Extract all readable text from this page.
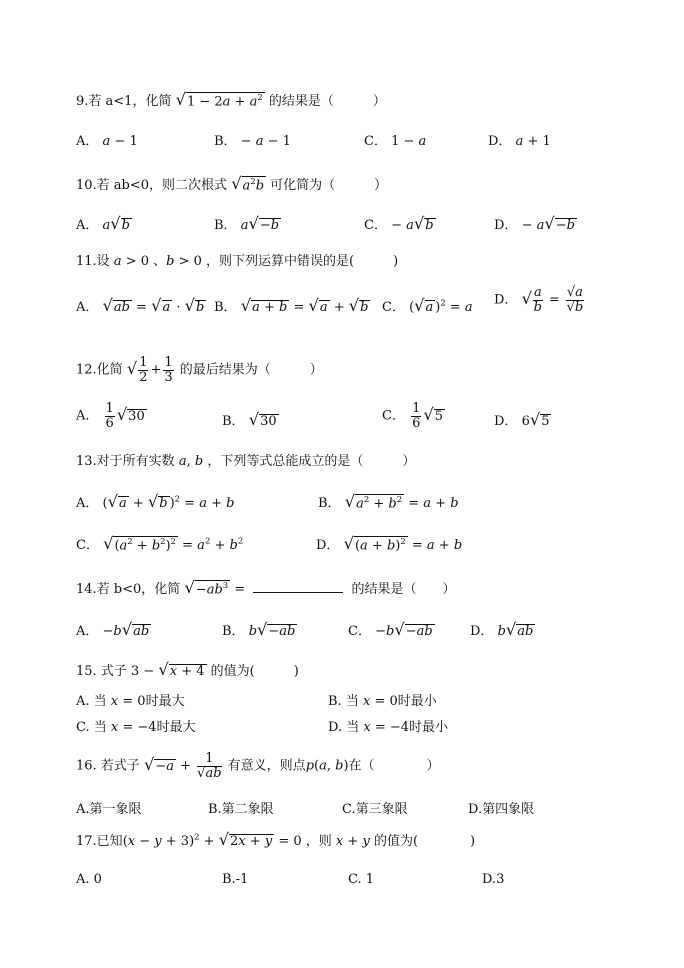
9.若 a<1，化简 $√1 - 2a + a^2$ 的结果是（　　　）
A． a − 1	B． − a − 1	C． 1 − a	D． a + 1
10.若 ab<0，则二次根式 $√a^2b$ 可化简为（　　　）
A． a√b	B． a√−b	C． − a√b	D． − a√−b
11.设 a > 0 、b > 0 ，则下列运算中错误的是(　　　)
A． √ab = √a · √b B． √a + b = √a + √b C． (√a )$^2$ = a D． √ $\frac{a}{b} = \frac{√a}{√b}$
12.化简 √ $\frac{1}{2} + \frac{1}{3}$ 的最后结果为（　　　）
A． $\frac{1}{6} √30$	B． √30	C． $\frac{1}{6} √5$	D． 6√5
13.对于所有实数 a, b ，下列等式总能成立的是（　　　）
A． (√a + √b )$^2$ = a + b	B． $√a^2 + b^2 = a + b$
C． $√(a^2 + b^2)^2 = a^2 + b^2$	D． $√(a + b)^2 = a + b$
14.若 b<0，化简 $√-ab^3$ =	的结果是（　　）
A． −b√ab	B． b√−ab	C． −b√−ab	D． b√ab
15. 式子 3 − √x + 4 的值为(　　　)
A. 当 x = 0时最大	B. 当 x = 0时最小
C. 当 x = −4时最大	D. 当 x = −4时最小
16. 若式子 $√-a + \frac{1}{√ab}$ 有意义，则点p(a, b)在（　　　　）
A.第一象限	B.第二象限	C.第三象限	D.第四象限
17.已知$(x - y + 3)^2 + √2x + y = 0$ ，则 x + y 的值为(　　　　)
A. 0	B.-1	C. 1	D.3
